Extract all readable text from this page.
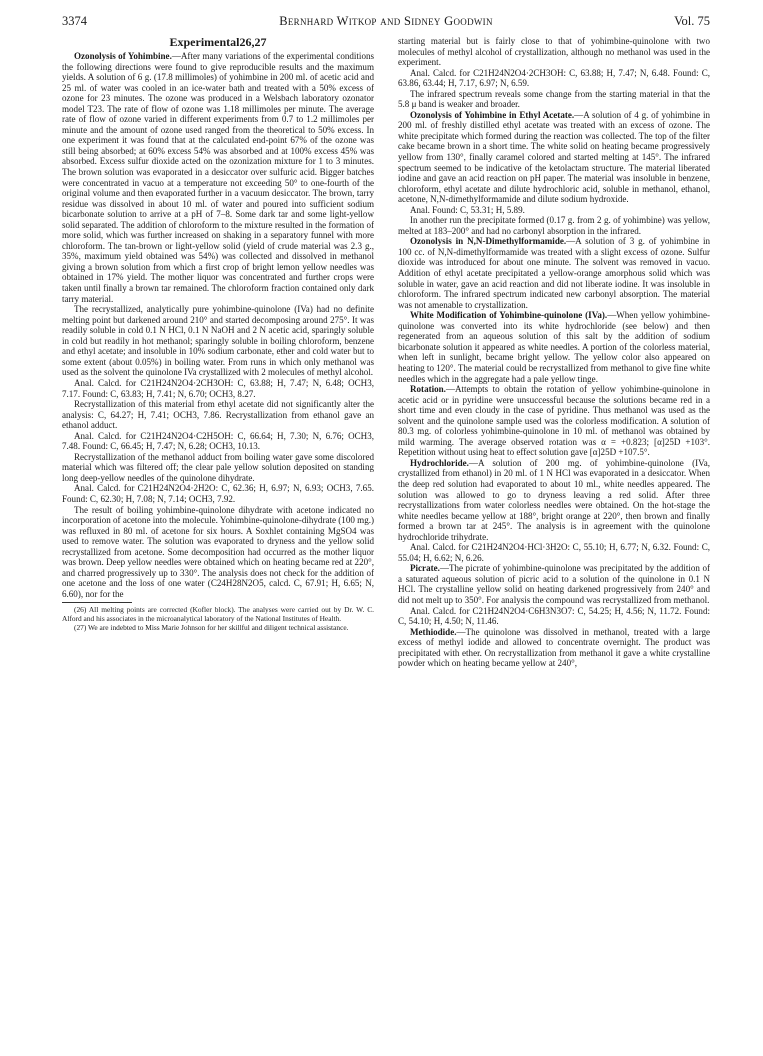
3374	Bernhard Witkop and Sidney Goodwin	Vol. 75
Experimental26,27

Ozonolysis of Yohimbine.—After many variations of the experimental conditions the following directions were found to give reproducible results and the maximum yields. A solution of 6 g. (17.8 millimoles) of yohimbine in 200 ml. of acetic acid and 25 ml. of water was cooled in an ice-water bath and treated with a 50% excess of ozone for 23 minutes. The ozone was produced in a Welsbach laboratory ozonator model T23. The rate of flow of ozone was 1.18 millimoles per minute. The average rate of flow of ozone varied in different experiments from 0.7 to 1.2 millimoles per minute and the amount of ozone used ranged from the theoretical to 50% excess. In one experiment it was found that at the calculated end-point 67% of the ozone was still being absorbed; at 60% excess 54% was absorbed and at 100% excess 45% was absorbed. Excess sulfur dioxide acted on the ozonization mixture for 1 to 3 minutes. The brown solution was evaporated in a desiccator over sulfuric acid. Bigger batches were concentrated in vacuo at a temperature not exceeding 50° to one-fourth of the original volume and then evaporated further in a vacuum desiccator. The brown, tarry residue was dissolved in about 10 ml. of water and poured into sufficient sodium bicarbonate solution to arrive at a pH of 7–8. Some dark tar and some light-yellow solid separated. The addition of chloroform to the mixture resulted in the formation of more solid, which was further increased on shaking in a separatory funnel with more chloroform. The tan-brown or light-yellow solid (yield of crude material was 2.3 g., 35%, maximum yield obtained was 54%) was collected and dissolved in methanol giving a brown solution from which a first crop of bright lemon yellow needles was obtained in 17% yield. The mother liquor was concentrated and further crops were taken until finally a brown tar remained. The chloroform fraction contained only dark tarry material.

The recrystallized, analytically pure yohimbine-quinolone (IVa) had no definite melting point but darkened around 210° and started decomposing around 275°. It was readily soluble in cold 0.1 N HCl, 0.1 N NaOH and 2 N acetic acid, sparingly soluble in cold but readily in hot methanol; sparingly soluble in boiling chloroform, benzene and ethyl acetate; and insoluble in 10% sodium carbonate, ether and cold water but to some extent (about 0.05%) in boiling water. From runs in which only methanol was used as the solvent the quinolone IVa crystallized with 2 molecules of methyl alcohol.

Anal. Calcd. for C21H24N2O4·2CH3OH: C, 63.88; H, 7.47; N, 6.48; OCH3, 7.17. Found: C, 63.83; H, 7.41; N, 6.70; OCH3, 8.27.

Recrystallization of this material from ethyl acetate did not significantly alter the analysis: C, 64.27; H, 7.41; OCH3, 7.86. Recrystallization from ethanol gave an ethanol adduct.

Anal. Calcd. for C21H24N2O4·C2H5OH: C, 66.64; H, 7.30; N, 6.76; OCH3, 7.48. Found: C, 66.45; H, 7.47; N, 6.28; OCH3, 10.13.

Recrystallization of the methanol adduct from boiling water gave some discolored material which was filtered off; the clear pale yellow solution deposited on standing long deep-yellow needles of the quinolone dihydrate.

Anal. Calcd. for C21H24N2O4·2H2O: C, 62.36; H, 6.97; N, 6.93; OCH3, 7.65. Found: C, 62.30; H, 7.08; N, 7.14; OCH3, 7.92.

The result of boiling yohimbine-quinolone dihydrate with acetone indicated no incorporation of acetone into the molecule. Yohimbine-quinolone-dihydrate (100 mg.) was refluxed in 80 ml. of acetone for six hours. A Soxhlet containing MgSO4 was used to remove water. The solution was evaporated to dryness and the yellow solid recrystallized from acetone. Some decomposition had occurred as the mother liquor was brown. Deep yellow needles were obtained which on heating became red at 220°, and charred progressively up to 330°. The analysis does not check for the addition of one acetone and the loss of one water (C24H28N2O5, calcd. C, 67.91; H, 6.65; N, 6.60), nor for the

(26) All melting points are corrected (Kofler block). The analyses were carried out by Dr. W. C. Alford and his associates in the microanalytical laboratory of the National Institutes of Health.

(27) We are indebted to Miss Marie Johnson for her skillful and diligent technical assistance.

starting material but is fairly close to that of yohimbine-quinolone with two molecules of methyl alcohol of crystallization, although no methanol was used in the experiment.

Anal. Calcd. for C21H24N2O4·2CH3OH: C, 63.88; H, 7.47; N, 6.48. Found: C, 63.86, 63.44; H, 7.17, 6.97; N, 6.59.

The infrared spectrum reveals some change from the starting material in that the 5.8 μ band is weaker and broader.

Ozonolysis of Yohimbine in Ethyl Acetate.—A solution of 4 g. of yohimbine in 200 ml. of freshly distilled ethyl acetate was treated with an excess of ozone. The white precipitate which formed during the reaction was collected. The top of the filter cake became brown in a short time. The white solid on heating became progressively yellow from 130°, finally caramel colored and started melting at 145°. The infrared spectrum seemed to be indicative of the ketolactam structure. The material liberated iodine and gave an acid reaction on pH paper. The material was insoluble in benzene, chloroform, ethyl acetate and dilute hydrochloric acid, soluble in methanol, ethanol, acetone, N,N-dimethylformamide and dilute sodium hydroxide.

Anal. Found: C, 53.31; H, 5.89.

In another run the precipitate formed (0.17 g. from 2 g. of yohimbine) was yellow, melted at 183–200° and had no carbonyl absorption in the infrared.

Ozonolysis in N,N-Dimethylformamide.—A solution of 3 g. of yohimbine in 100 cc. of N,N-dimethylformamide was treated with a slight excess of ozone. Sulfur dioxide was introduced for about one minute. The solvent was removed in vacuo. Addition of ethyl acetate precipitated a yellow-orange amorphous solid which was soluble in water, gave an acid reaction and did not liberate iodine. It was insoluble in chloroform. The infrared spectrum indicated new carbonyl absorption. The material was not amenable to crystallization.

White Modification of Yohimbine-quinolone (IVa).—When yellow yohimbine-quinolone was converted into its white hydrochloride (see below) and then regenerated from an aqueous solution of this salt by the addition of sodium bicarbonate solution it appeared as white needles. A portion of the colorless material, when left in sunlight, became bright yellow. The yellow color also appeared on heating to 120°. The material could be recrystallized from methanol to give fine white needles which in the aggregate had a pale yellow tinge.

Rotation.—Attempts to obtain the rotation of yellow yohimbine-quinolone in acetic acid or in pyridine were unsuccessful because the solutions became red in a short time and even cloudy in the case of pyridine. Thus methanol was used as the solvent and the quinolone sample used was the colorless modification. A solution of 80.3 mg. of colorless yohimbine-quinolone in 10 ml. of methanol was obtained by mild warming. The average observed rotation was α = +0.823; [α]25D +103°. Repetition without using heat to effect solution gave [α]25D +107.5°.

Hydrochloride.—A solution of 200 mg. of yohimbine-quinolone (IVa, crystallized from ethanol) in 20 ml. of 1 N HCl was evaporated in a desiccator. When the deep red solution had evaporated to about 10 ml., white needles appeared. The solution was allowed to go to dryness leaving a red solid. After three recrystallizations from water colorless needles were obtained. On the hot-stage the white needles became yellow at 188°, bright orange at 220°, then brown and finally formed a brown tar at 245°. The analysis is in agreement with the quinolone hydrochloride trihydrate.

Anal. Calcd. for C21H24N2O4·HCl·3H2O: C, 55.10; H, 6.77; N, 6.32. Found: C, 55.04; H, 6.62; N, 6.26.

Picrate.—The picrate of yohimbine-quinolone was precipitated by the addition of a saturated aqueous solution of picric acid to a solution of the quinolone in 0.1 N HCl. The crystalline yellow solid on heating darkened progressively from 240° and did not melt up to 350°. For analysis the compound was recrystallized from methanol.

Anal. Calcd. for C21H24N2O4·C6H3N3O7: C, 54.25; H, 4.56; N, 11.72. Found: C, 54.10; H, 4.50; N, 11.46.

Methiodide.—The quinolone was dissolved in methanol, treated with a large excess of methyl iodide and allowed to concentrate overnight. The product was precipitated with ether. On recrystallization from methanol it gave a white crystalline powder which on heating became yellow at 240°,
